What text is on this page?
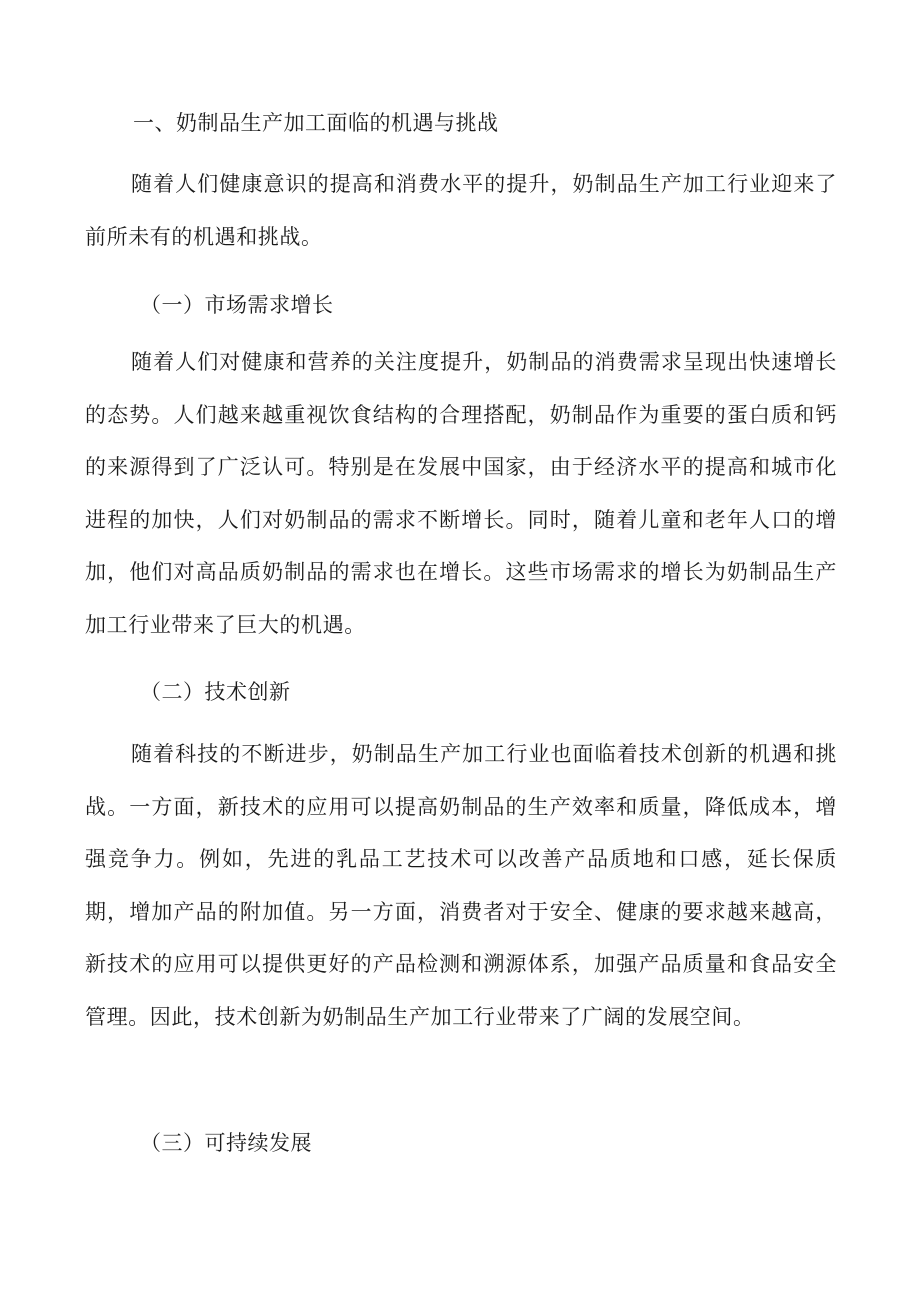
一、奶制品生产加工面临的机遇与挑战

随着人们健康意识的提高和消费水平的提升，奶制品生产加工行业迎来了前所未有的机遇和挑战。

（一）市场需求增长

随着人们对健康和营养的关注度提升，奶制品的消费需求呈现出快速增长的态势。人们越来越重视饮食结构的合理搭配，奶制品作为重要的蛋白质和钙的来源得到了广泛认可。特别是在发展中国家，由于经济水平的提高和城市化进程的加快，人们对奶制品的需求不断增长。同时，随着儿童和老年人口的增加，他们对高品质奶制品的需求也在增长。这些市场需求的增长为奶制品生产加工行业带来了巨大的机遇。

（二）技术创新

随着科技的不断进步，奶制品生产加工行业也面临着技术创新的机遇和挑战。一方面，新技术的应用可以提高奶制品的生产效率和质量，降低成本，增强竞争力。例如，先进的乳品工艺技术可以改善产品质地和口感，延长保质期，增加产品的附加值。另一方面，消费者对于安全、健康的要求越来越高，新技术的应用可以提供更好的产品检测和溯源体系，加强产品质量和食品安全管理。因此，技术创新为奶制品生产加工行业带来了广阔的发展空间。

（三）可持续发展
